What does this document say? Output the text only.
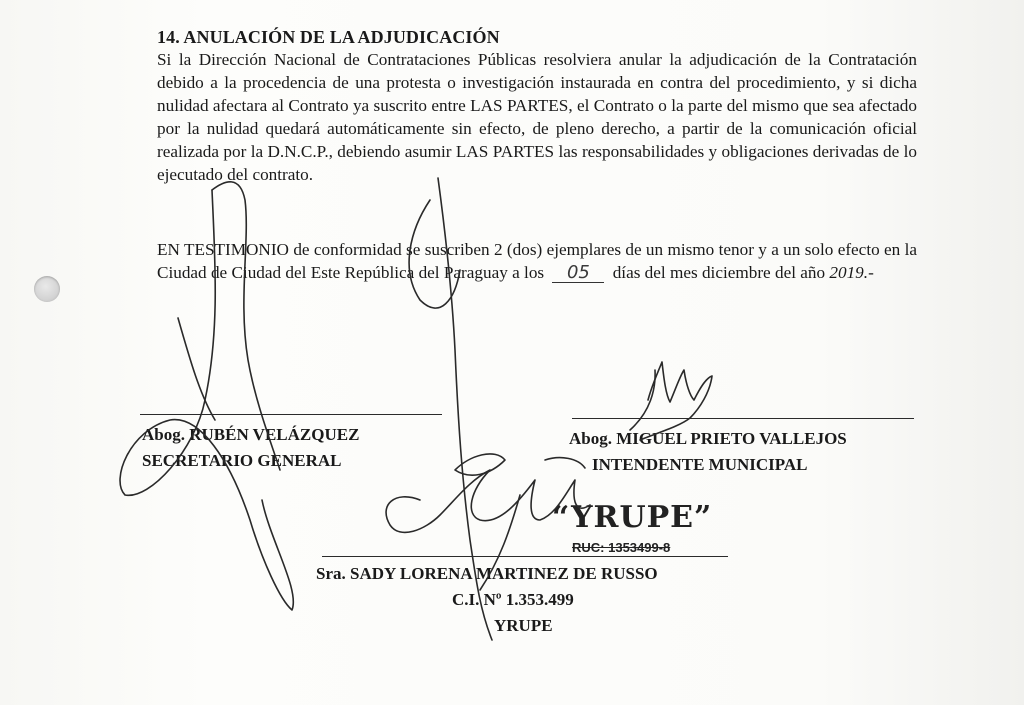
14. ANULACIÓN DE LA ADJUDICACIÓN

Si la Dirección Nacional de Contrataciones Públicas resolviera anular la adjudicación de la Contratación debido a la procedencia de una protesta o investigación instaurada en contra del procedimiento, y si dicha nulidad afectara al Contrato ya suscrito entre LAS PARTES, el Contrato o la parte del mismo que sea afectado por la nulidad quedará automáticamente sin efecto, de pleno derecho, a partir de la comunicación oficial realizada por la D.N.C.P., debiendo asumir LAS PARTES las responsabilidades y obligaciones derivadas de lo ejecutado del contrato.

EN TESTIMONIO de conformidad se suscriben 2 (dos) ejemplares de un mismo tenor y a un solo efecto en la Ciudad de Ciudad del Este República del Paraguay a los 05 días del mes diciembre del año 2019.-
Abog. RUBÉN VELÁZQUEZ
SECRETARIO GENERAL
Abog. MIGUEL PRIETO VALLEJOS
INTENDENTE MUNICIPAL
“YRUPE”
RUC: 1353499-8
Sra. SADY LORENA MARTINEZ DE RUSSO
C.I. Nº 1.353.499
YRUPE
